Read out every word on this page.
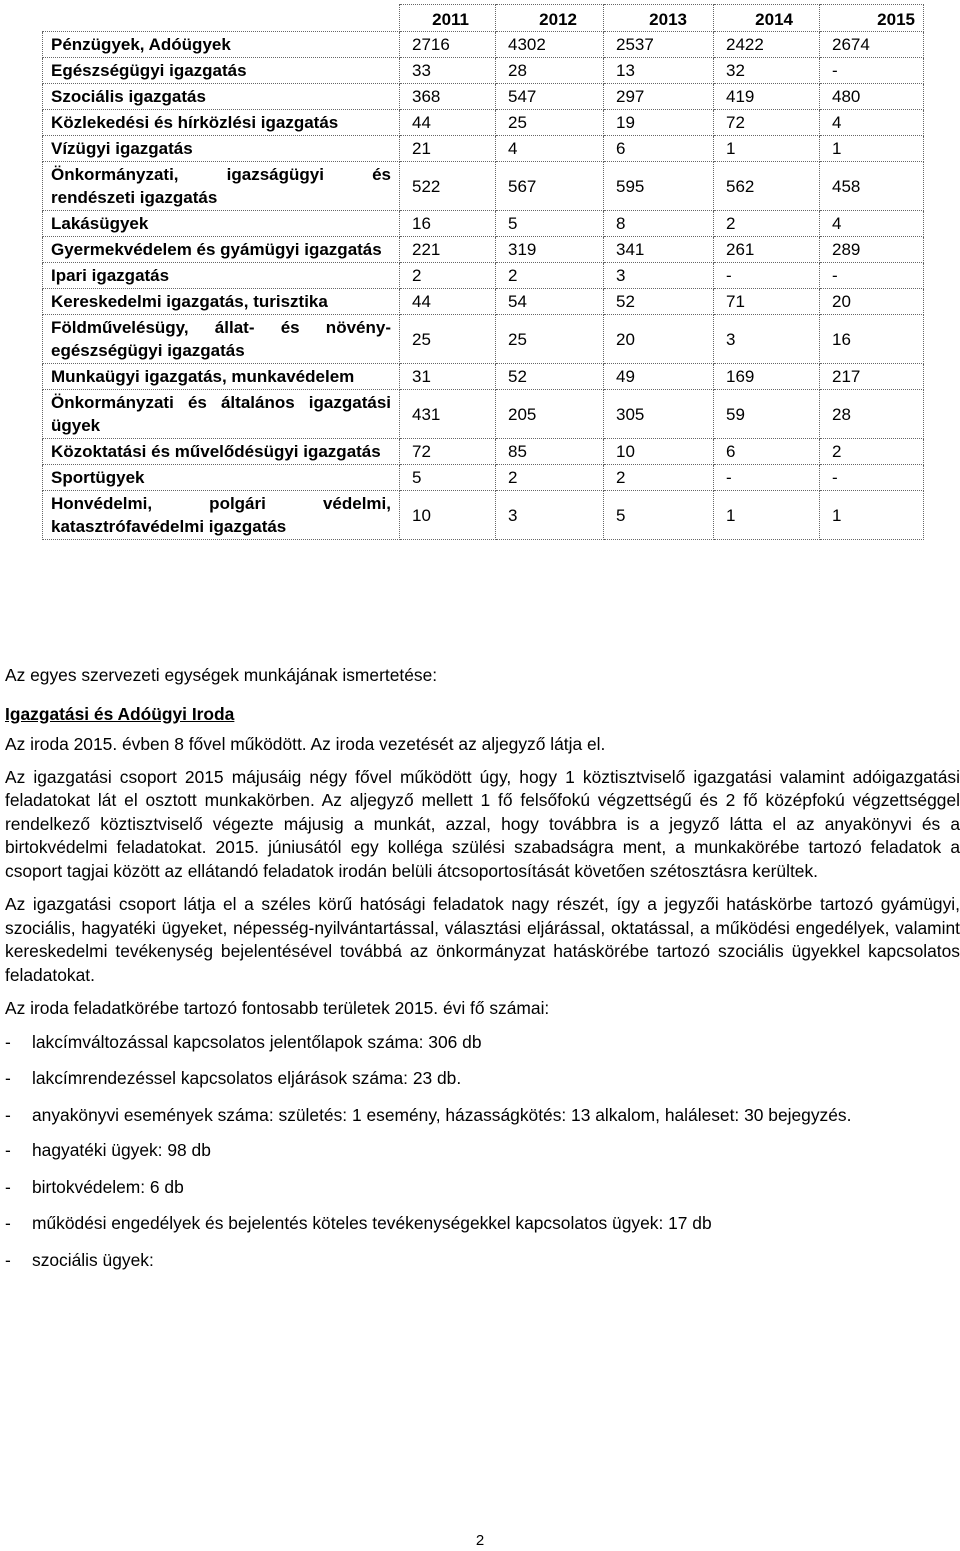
	2011	2012	2013	2014	2015
Pénzügyek, Adóügyek	2716	4302	2537	2422	2674
Egészségügyi igazgatás	33	28	13	32	-
Szociális igazgatás	368	547	297	419	480
Közlekedési és hírközlési igazgatás	44	25	19	72	4
Vízügyi igazgatás	21	4	6	1	1
Önkormányzati, igazságügyi és rendészeti igazgatás	522	567	595	562	458
Lakásügyek	16	5	8	2	4
Gyermekvédelem és gyámügyi igazgatás	221	319	341	261	289
Ipari igazgatás	2	2	3	-	-
Kereskedelmi igazgatás, turisztika	44	54	52	71	20
Földművelésügy, állat- és növény-egészségügyi igazgatás	25	25	20	3	16
Munkaügyi igazgatás, munkavédelem	31	52	49	169	217
Önkormányzati és általános igazgatási ügyek	431	205	305	59	28
Közoktatási és művelődésügyi igazgatás	72	85	10	6	2
Sportügyek	5	2	2	-	-
Honvédelmi, polgári védelmi, katasztrófavédelmi igazgatás	10	3	5	1	1

Az egyes szervezeti egységek munkájának ismertetése:

Igazgatási és Adóügyi Iroda

Az iroda 2015. évben 8 fővel működött. Az iroda vezetését az aljegyző látja el.

Az igazgatási csoport 2015 májusáig négy fővel működött úgy, hogy 1 köztisztviselő igazgatási valamint adóigazgatási feladatokat lát el osztott munkakörben. Az aljegyző mellett 1 fő felsőfokú végzettségű és 2 fő középfokú végzettséggel rendelkező köztisztviselő végezte májusig a munkát, azzal, hogy továbbra is a jegyző látta el az anyakönyvi és a birtokvédelmi feladatokat. 2015. júniusától egy kolléga szülési szabadságra ment, a munkakörébe tartozó feladatok a csoport tagjai között az ellátandó feladatok irodán belüli átcsoportosítását követően szétosztásra kerültek.

Az igazgatási csoport látja el a széles körű hatósági feladatok nagy részét, így a jegyzői hatáskörbe tartozó gyámügyi, szociális, hagyatéki ügyeket, népesség-nyilvántartással, választási eljárással, oktatással, a működési engedélyek, valamint kereskedelmi tevékenység bejelentésével továbbá az önkormányzat hatáskörébe tartozó szociális ügyekkel kapcsolatos feladatokat.

Az iroda feladatkörébe tartozó fontosabb területek 2015. évi fő számai:

- lakcímváltozással kapcsolatos jelentőlapok száma: 306 db
- lakcímrendezéssel kapcsolatos eljárások száma: 23 db.
- anyakönyvi események száma: születés: 1 esemény, házasságkötés: 13 alkalom, haláleset: 30 bejegyzés.
- hagyatéki ügyek: 98 db
- birtokvédelem: 6 db
- működési engedélyek és bejelentés köteles tevékenységekkel kapcsolatos ügyek: 17 db
- szociális ügyek:
2
